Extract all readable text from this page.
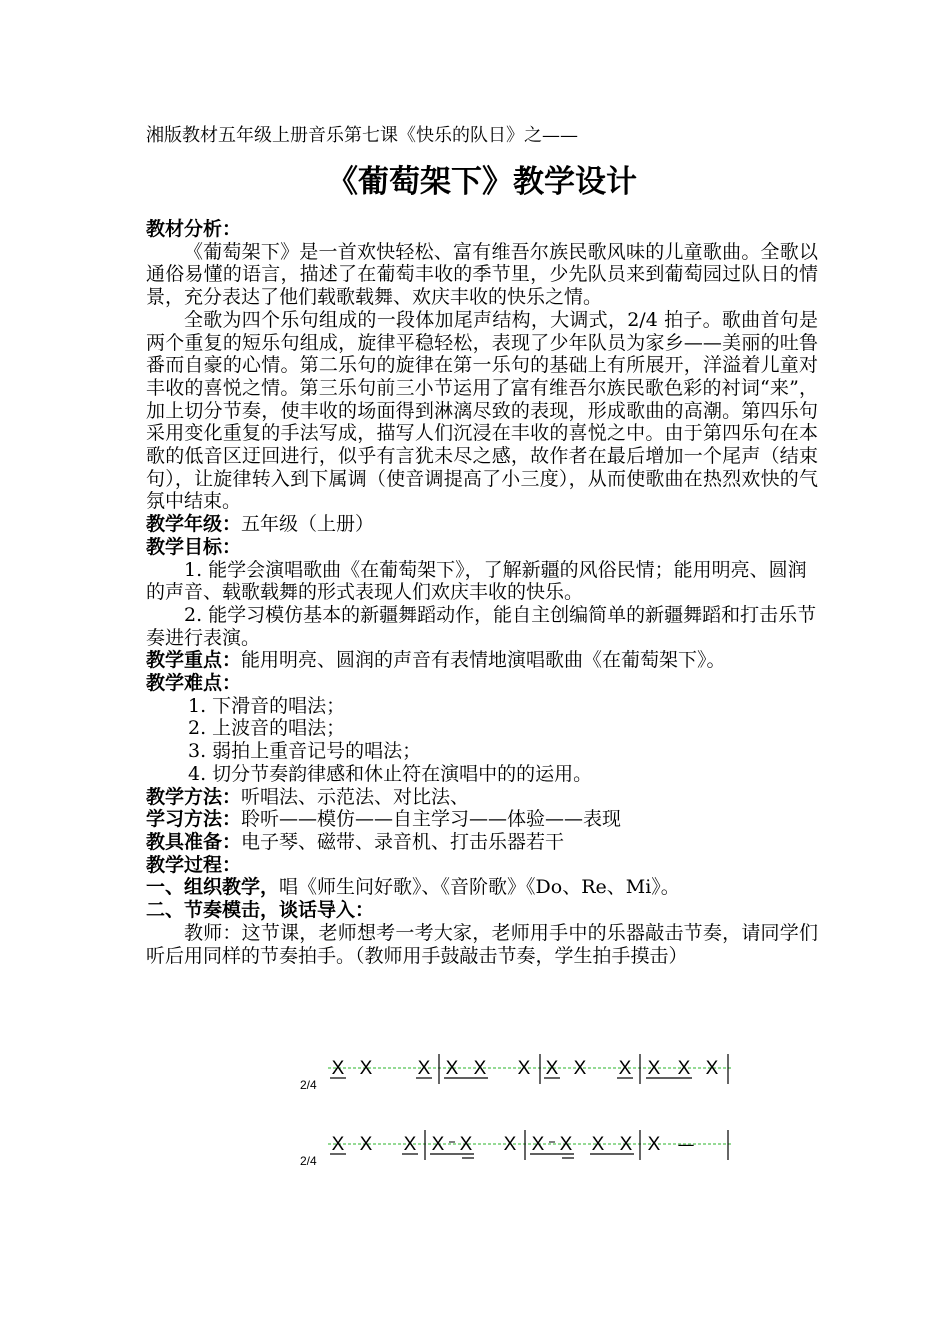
湘版教材五年级上册音乐第七课《快乐的队日》之——
《葡萄架下》教学设计

教材分析：

《葡萄架下》是一首欢快轻松、富有维吾尔族民歌风味的儿童歌曲。全歌以通俗易懂的语言，描述了在葡萄丰收的季节里，少先队员来到葡萄园过队日的情景，充分表达了他们载歌载舞、欢庆丰收的快乐之情。

全歌为四个乐句组成的一段体加尾声结构，大调式，2/4 拍子。歌曲首句是两个重复的短乐句组成，旋律平稳轻松，表现了少年队员为家乡——美丽的吐鲁番而自豪的心情。第二乐句的旋律在第一乐句的基础上有所展开，洋溢着儿童对丰收的喜悦之情。第三乐句前三小节运用了富有维吾尔族民歌色彩的衬词“来”，加上切分节奏，使丰收的场面得到淋漓尽致的表现，形成歌曲的高潮。第四乐句采用变化重复的手法写成，描写人们沉浸在丰收的喜悦之中。由于第四乐句在本歌的低音区迂回进行，似乎有言犹未尽之感，故作者在最后增加一个尾声（结束句），让旋律转入到下属调（使音调提高了小三度），从而使歌曲在热烈欢快的气氛中结束。

教学年级：五年级（上册）

教学目标：

1. 能学会演唱歌曲《在葡萄架下》，了解新疆的风俗民情；能用明亮、圆润的声音、载歌载舞的形式表现人们欢庆丰收的快乐。

2. 能学习模仿基本的新疆舞蹈动作，能自主创编简单的新疆舞蹈和打击乐节奏进行表演。

教学重点：能用明亮、圆润的声音有表情地演唱歌曲《在葡萄架下》。

教学难点：

1. 下滑音的唱法；

2. 上波音的唱法；

3. 弱拍上重音记号的唱法；

4. 切分节奏韵律感和休止符在演唱中的的运用。

教学方法：听唱法、示范法、对比法、

学习方法：聆听——模仿——自主学习——体验——表现

教具准备：电子琴、磁带、录音机、打击乐器若干

教学过程：

一、组织教学，唱《师生问好歌》、《音阶歌》《Do、Re、Mi》。

二、节奏模击，谈话导入：

教师：这节课，老师想考一考大家，老师用手中的乐器敲击节奏，请同学们听后用同样的节奏拍手。（教师用手鼓敲击节奏，学生拍手摸击）

2/4
X X X X X X X X X X X X
2/4
X X X X X X X X X X X —
